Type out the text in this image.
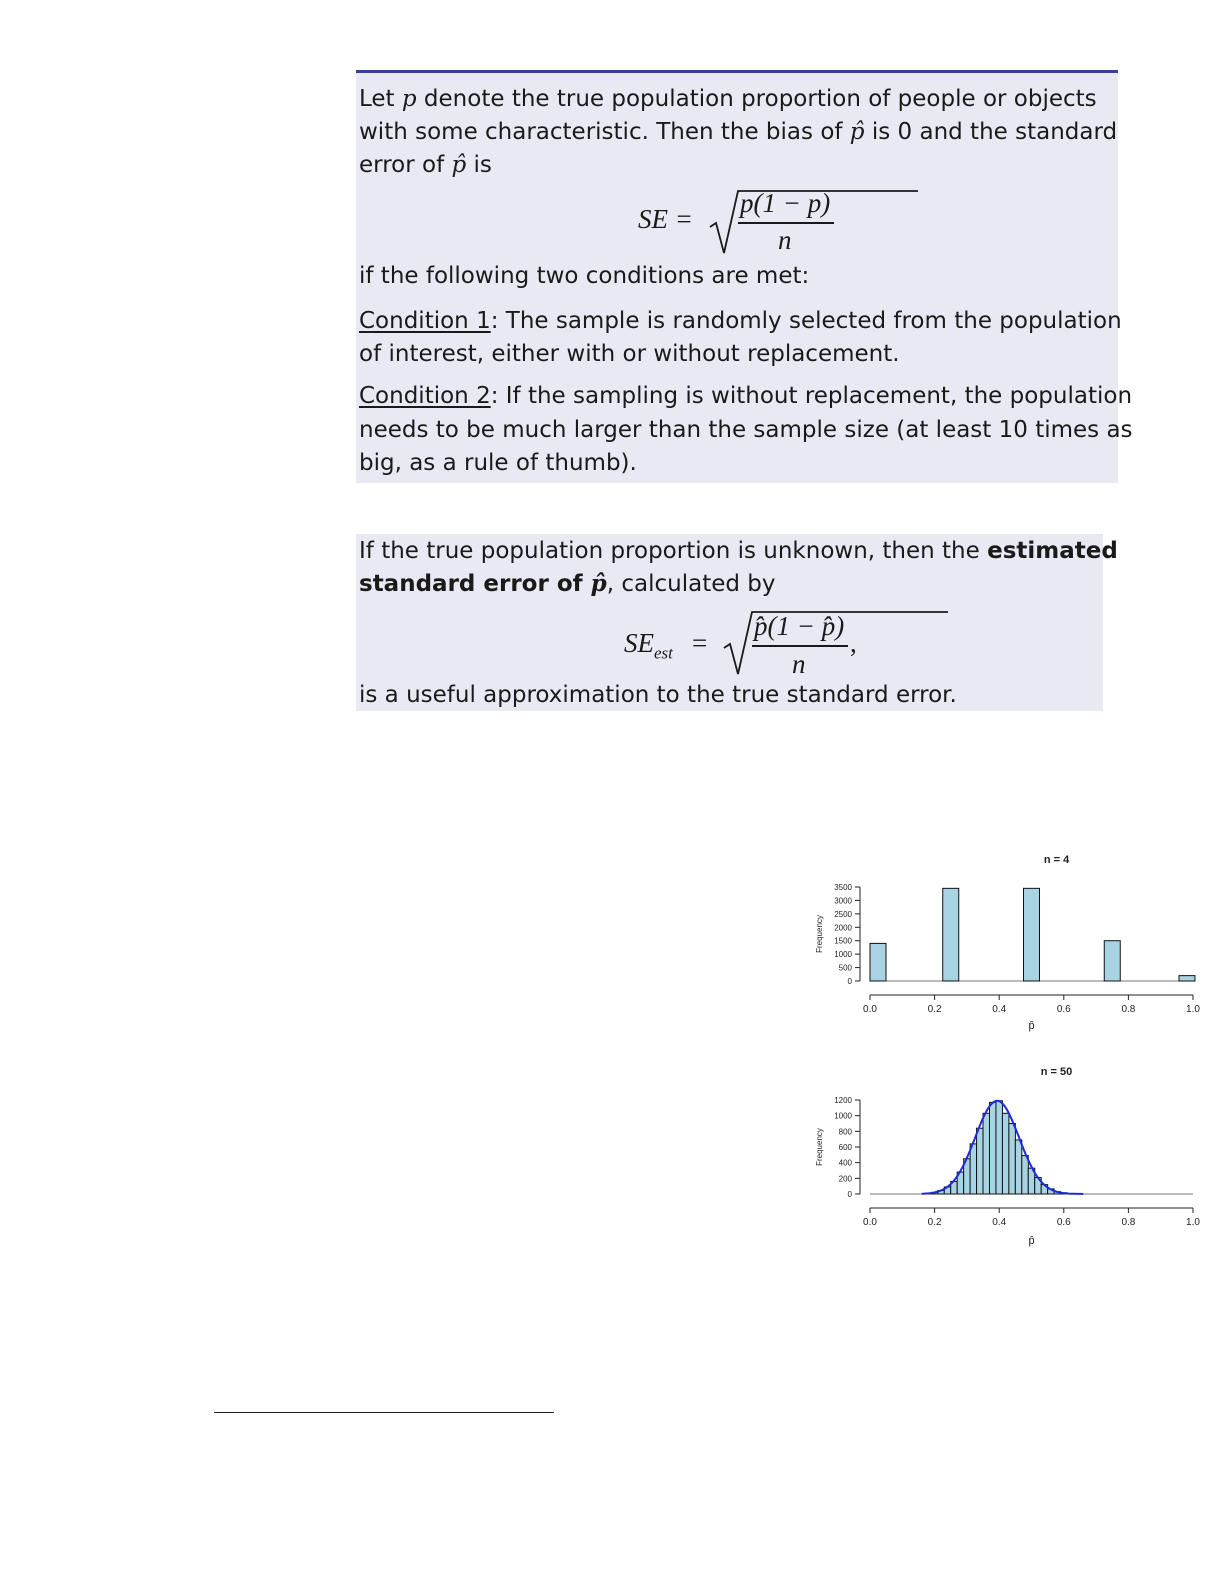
Let p denote the true population proportion of people or objects
with some characteristic. Then the bias of p̂ is 0 and the standard
error of p̂ is
SE =
p(1 − p)
n
if the following two conditions are met:
Condition 1: The sample is randomly selected from the population
of interest, either with or without replacement.
Condition 2: If the sampling is without replacement, the population
needs to be much larger than the sample size (at least 10 times as
big, as a rule of thumb).
If the true population proportion is unknown, then the estimated
standard error of p̂, calculated by
$SE_{est}$ =
p̂(1 − p̂)
n
,
is a useful approximation to the true standard error.
n = 4
Frequency
0
500
1000
1500
2000
2500
3000
3500
0.0	0.2	0.4	0.6	0.8	1.0
p̂
n = 50
Frequency
0
200
400
600
800
1000
1200
0.0	0.2	0.4	0.6	0.8	1.0
p̂
